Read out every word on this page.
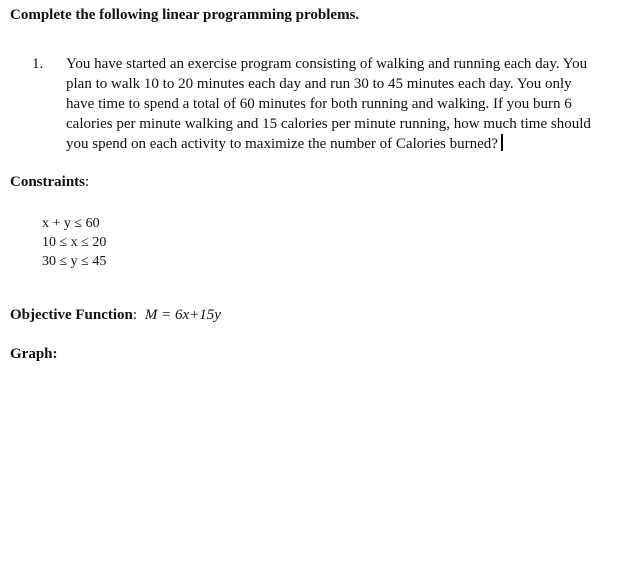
Complete the following linear programming problems.
1.	You have started an exercise program consisting of walking and running each day. You
plan to walk 10 to 20 minutes each day and run 30 to 45 minutes each day. You only
have time to spend a total of 60 minutes for both running and walking. If you burn 6
calories per minute walking and 15 calories per minute running, how much time should
you spend on each activity to maximize the number of Calories burned?
Constraints:
x + y ≤ 60
10 ≤ x ≤ 20
30 ≤ y ≤ 45
Objective Function: M = 6x+15y
Graph:
